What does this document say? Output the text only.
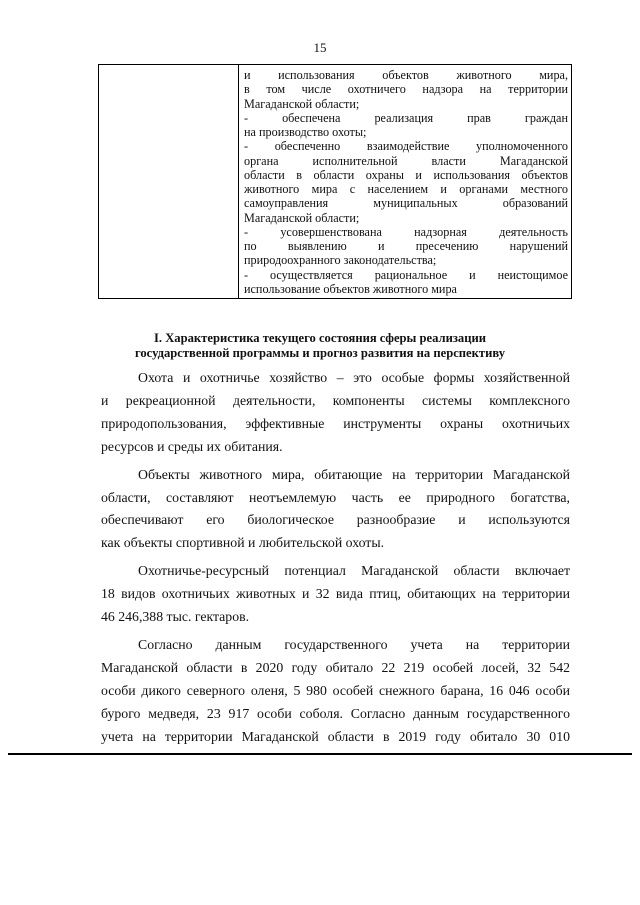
15
и использования объектов животного мира,
в том числе охотничего надзора на территории
Магаданской области;
- обеспечена реализация прав граждан
на производство охоты;
- обеспеченно взаимодействие уполномоченного
органа исполнительной власти Магаданской
области в области охраны и использования объектов
животного мира с населением и органами местного
самоуправления муниципальных образований
Магаданской области;
- усовершенствована надзорная деятельность
по выявлению и пресечению нарушений
природоохранного законодательства;
- осуществляется рациональное и неистощимое
использование объектов животного мира
I. Характеристика текущего состояния сферы реализации
государственной программы и прогноз развития на перспективу
Охота и охотничье хозяйство – это особые формы хозяйственной
и рекреационной деятельности, компоненты системы комплексного
природопользования, эффективные инструменты охраны охотничьих
ресурсов и среды их обитания.
Объекты животного мира, обитающие на территории Магаданской
области, составляют неотъемлемую часть ее природного богатства,
обеспечивают его биологическое разнообразие и используются
как объекты спортивной и любительской охоты.
Охотничье-ресурсный потенциал Магаданской области включает
18 видов охотничьих животных и 32 вида птиц, обитающих на территории
46 246,388 тыс. гектаров.
Согласно данным государственного учета на территории
Магаданской области в 2020 году обитало 22 219 особей лосей, 32 542
особи дикого северного оленя, 5 980 особей снежного барана, 16 046 особи
бурого медведя, 23 917 особи соболя. Согласно данным государственного
учета на территории Магаданской области в 2019 году обитало 30 010
